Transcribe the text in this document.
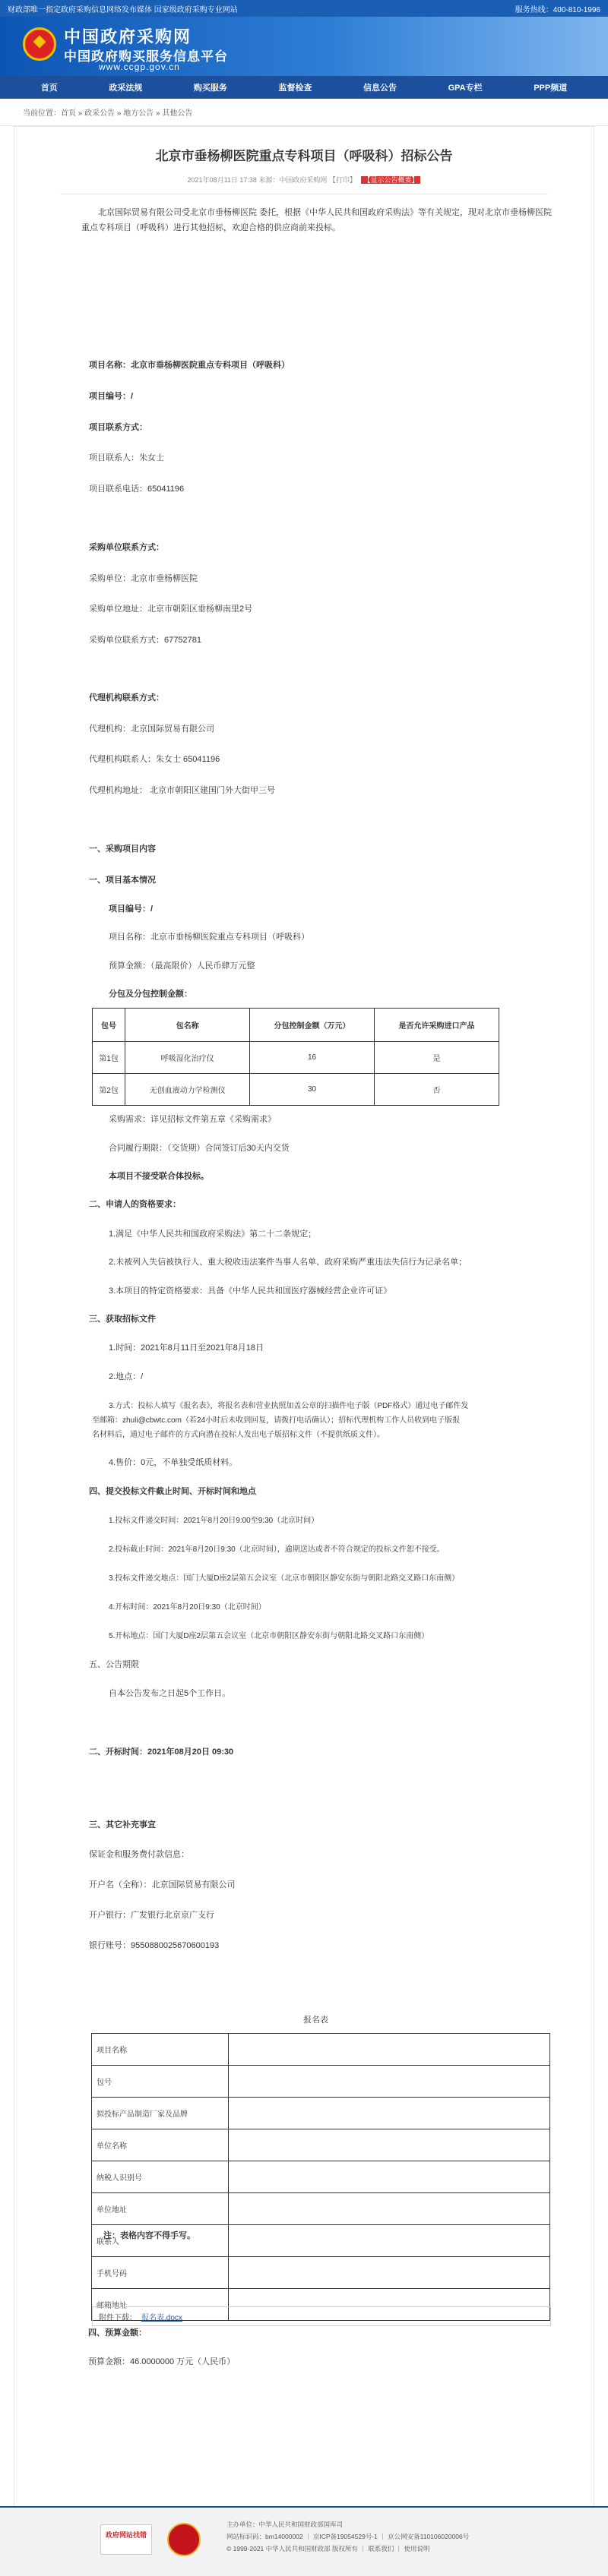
财政部唯一指定政府采购信息网络发布媒体 国家级政府采购专业网站	服务热线：400-810-1996
中国政府采购网
中国政府购买服务信息平台
www.ccgp.gov.cn
首页	政采法规	购买服务	监督检查	信息公告	GPA专栏	PPP频道
当前位置：首页 » 政采公告 » 地方公告 » 其他公告
北京市垂杨柳医院重点专科项目（呼吸科）招标公告
2021年08月11日 17:38 来源：中国政府采购网 【打印】 【显示公告概要】
北京国际贸易有限公司受北京市垂杨柳医院 委托，根据《中华人民共和国政府采购法》等有关规定，现对北京市垂杨柳医院重点专科项目（呼吸科）进行其他招标，欢迎合格的供应商前来投标。
项目名称：北京市垂杨柳医院重点专科项目（呼吸科）
项目编号：/
项目联系方式：
项目联系人：朱女士
项目联系电话：65041196
采购单位联系方式：
采购单位：北京市垂杨柳医院
采购单位地址：北京市朝阳区垂杨柳南里2号
采购单位联系方式：67752781
代理机构联系方式：
代理机构：北京国际贸易有限公司
代理机构联系人：朱女士 65041196
代理机构地址： 北京市朝阳区建国门外大街甲三号
一、采购项目内容
一、项目基本情况
项目编号：/
项目名称：北京市垂杨柳医院重点专科项目（呼吸科）
预算金额：（最高限价）人民币肆万元整
分包及分包控制金额：
包号	包名称	分包控制金额（万元）	是否允许采购进口产品
第1包	呼吸湿化治疗仪	16	是
第2包	无创血液动力学检测仪	30	否
采购需求：详见招标文件第五章《采购需求》
合同履行期限：（交货期）合同签订后30天内交货
本项目不接受联合体投标。
二、申请人的资格要求：
1.满足《中华人民共和国政府采购法》第二十二条规定；
2.未被列入失信被执行人、重大税收违法案件当事人名单、政府采购严重违法失信行为记录名单；
3.本项目的特定资格要求：具备《中华人民共和国医疗器械经营企业许可证》
三、获取招标文件
1.时间：2021年8月11日至2021年8月18日
2.地点：/
3.方式：投标人填写《报名表》，将报名表和营业执照加盖公章的扫描件电子版（PDF格式）通过电子邮件发
至邮箱：zhuli@cbwtc.com（若24小时后未收到回复，请拨打电话确认）；招标代理机构工作人员收到电子版报
名材料后，通过电子邮件的方式向潜在投标人发出电子版招标文件（不提供纸质文件）。
4.售价：0元，不单独受纸质材料。
四、提交投标文件截止时间、开标时间和地点
1.投标文件递交时间：2021年8月20日9:00至9:30（北京时间）
2.投标截止时间：2021年8月20日9:30（北京时间），逾期送达或者不符合规定的投标文件恕不接受。
3.投标文件递交地点：国门大厦D座2层第五会议室（北京市朝阳区静安东街与朝阳北路交叉路口东南侧）
4.开标时间：2021年8月20日9:30（北京时间）
5.开标地点：国门大厦D座2层第五会议室（北京市朝阳区静安东街与朝阳北路交叉路口东南侧）
五、公告期限
自本公告发布之日起5个工作日。
二、开标时间：2021年08月20日 09:30
三、其它补充事宜
保证金和服务费付款信息：
开户名（全称）：北京国际贸易有限公司
开户银行：广发银行北京京广支行
银行账号：9550880025670600193
报名表
项目名称	
包号	
拟投标产品制造厂家及品牌	
单位名称	
纳税人识别号	
单位地址	
联系人	
手机号码	
邮箱地址	
附件下载： 报名表.docx
注：表格内容不得手写。
四、预算金额：
预算金额：46.0000000 万元（人民币）
政府网站找错
主办单位：中华人民共和国财政部国库司
网站标识码：bm14000002 ｜ 京ICP备19054529号-1 ｜ 京公网安备110106020006号
© 1999-2021 中华人民共和国财政部 版权所有 ｜ 联系我们 ｜ 使用说明
